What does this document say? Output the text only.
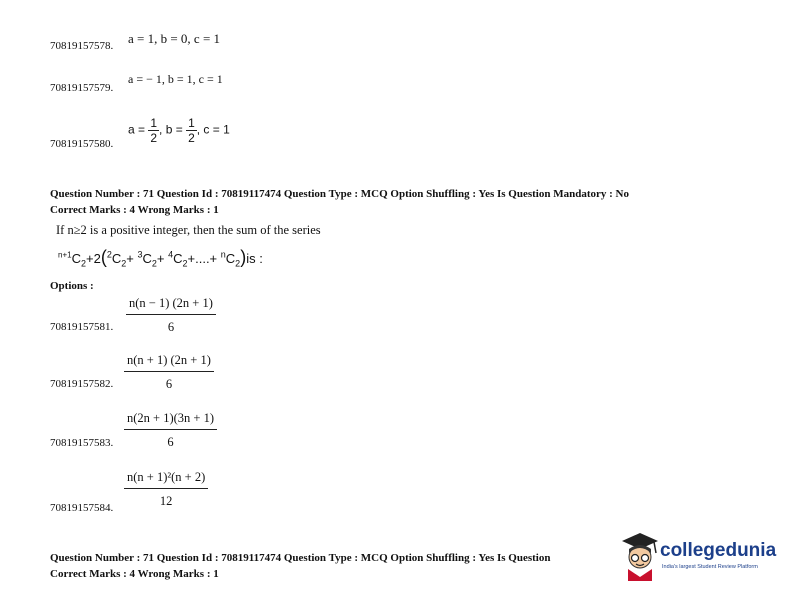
70819157578. a = 1, b = 0, c = 1
70819157579.
a = − 1, b = 1, c = 1
70819157580.
$a = \frac{1}{2}$ , $b = \frac{1}{2}$ , c = 1
Question Number : 71 Question Id : 70819117474 Question Type : MCQ Option Shuffling : Yes Is Question Mandatory : No
Correct Marks : 4 Wrong Marks : 1
If n≥2 is a positive integer, then the sum of the series
$^{n+1}C_2+2(^2C_2+ ^3C_2+ ^4C_2+....+ ^nC_2)is$ :
Options :
$\frac{n(n - 1) (2n + 1)}{6}$
70819157581.
$\frac{n(n + 1) (2n + 1)}{6}$
70819157582.
$\frac{n(2n + 1)(3n + 1)}{6}$
70819157583.
$\frac{\text{n(n + 1)²(n + 2)}}{12}$
70819157584.
Question Number : 71 Question Id : 70819117474 Question Type : MCQ Option Shuffling : Yes Is Question
Correct Marks : 4 Wrong Marks : 1
collegedunia
India's largest Student Review Platform
